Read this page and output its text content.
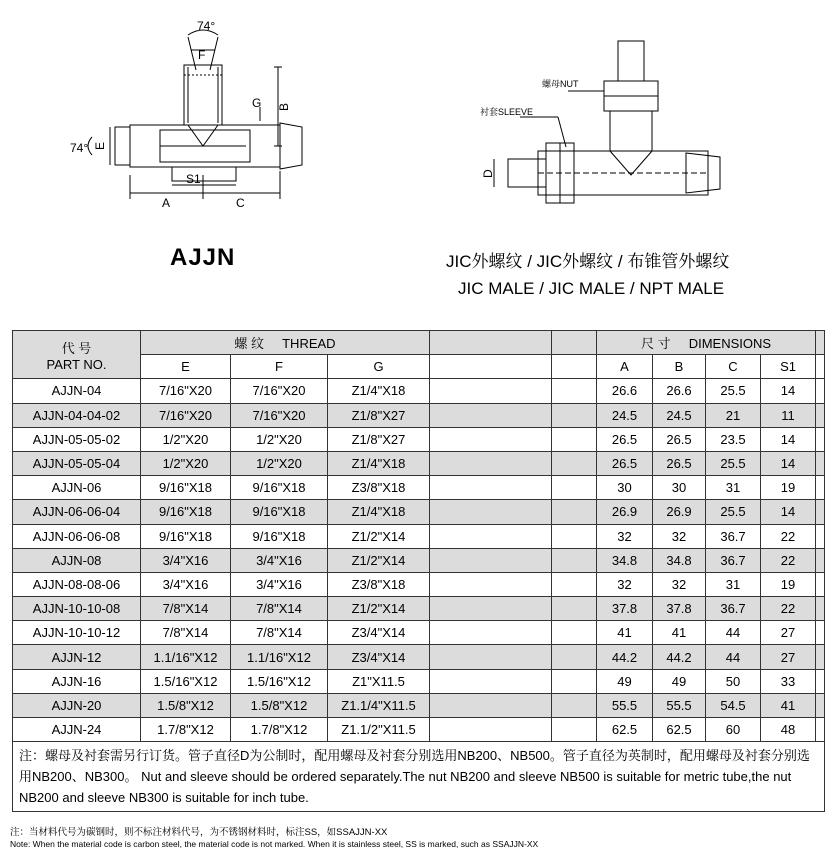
74°
F
G B
74° E
S1
A	C
螺母NUT
衬套SLEEVE
D
AJJN	JIC外螺纹 / JIC外螺纹 / 布锥管外螺纹
JIC MALE / JIC MALE / NPT MALE
代 号
PART NO.	螺 纹 THREAD					尺 寸 DIMENSIONS				
	E	F	G			A	B	C	S1	
AJJN-04	7/16"X20	7/16"X20	Z1/4"X18			26.6	26.6	25.5	14	
AJJN-04-04-02	7/16"X20	7/16"X20	Z1/8"X27			24.5	24.5	21	11	
AJJN-05-05-02	1/2"X20	1/2"X20	Z1/8"X27			26.5	26.5	23.5	14	
AJJN-05-05-04	1/2"X20	1/2"X20	Z1/4"X18			26.5	26.5	25.5	14	
AJJN-06	9/16"X18	9/16"X18	Z3/8"X18			30	30	31	19	
AJJN-06-06-04	9/16"X18	9/16"X18	Z1/4"X18			26.9	26.9	25.5	14	
AJJN-06-06-08	9/16"X18	9/16"X18	Z1/2"X14			32	32	36.7	22	
AJJN-08	3/4"X16	3/4"X16	Z1/2"X14			34.8	34.8	36.7	22	
AJJN-08-08-06	3/4"X16	3/4"X16	Z3/8"X18			32	32	31	19	
AJJN-10-10-08	7/8"X14	7/8"X14	Z1/2"X14			37.8	37.8	36.7	22	
AJJN-10-10-12	7/8"X14	7/8"X14	Z3/4"X14			41	41	44	27	
AJJN-12	1.1/16"X12	1.1/16"X12	Z3/4"X14			44.2	44.2	44	27	
AJJN-16	1.5/16"X12	1.5/16"X12	Z1"X11.5			49	49	50	33	
AJJN-20	1.5/8"X12	1.5/8"X12	Z1.1/4"X11.5			55.5	55.5	54.5	41	
AJJN-24	1.7/8"X12	1.7/8"X12	Z1.1/2"X11.5			62.5	62.5	60	48	
注：螺母及衬套需另行订货。管子直径D为公制时，配用螺母及衬套分别选用NB200、NB500。管子直径为英制时，配用螺母及衬套分别选用NB200、NB300。 Nut and sleeve should be ordered separately.The nut NB200 and sleeve NB500 is suitable for metric tube,the nut NB200 and sleeve NB300 is suitable for inch tube.										
注：当材料代号为碳钢时，则不标注材料代号，为不锈钢材料时，标注SS，如SSAJJN-XX
Note: When the material code is carbon steel, the material code is not marked. When it is stainless steel, SS is marked, such as SSAJJN-XX
